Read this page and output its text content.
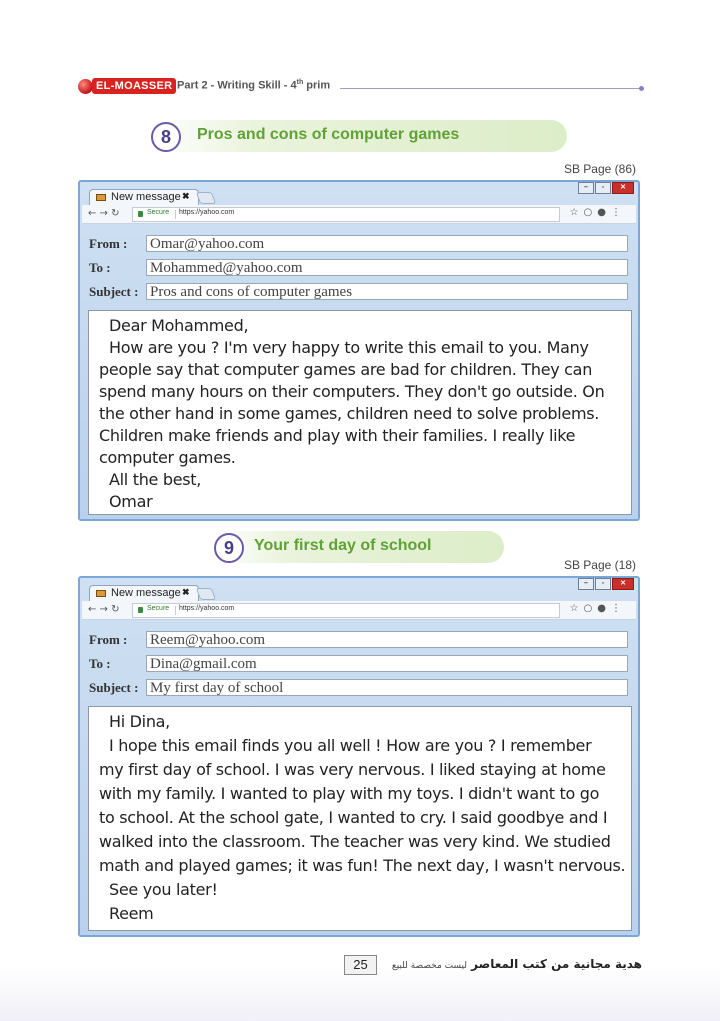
EL-MOASSER Part 2 - Writing Skill - 4th prim
8	Pros and cons of computer games
SB Page (86)
–	▫	✕
New message ✖
← → ↻	Secure https://yahoo.com	☆○●⋮
From : Omar@yahoo.com
To :	Mohammed@yahoo.com
Subject : Pros and cons of computer games

Dear Mohammed,

How are you ? I'm very happy to write this email to you. Many

people say that computer games are bad for children. They can

spend many hours on their computers. They don't go outside. On

the other hand in some games, children need to solve problems.

Children make friends and play with their families. I really like

computer games.

All the best,

Omar

9	Your first day of school
SB Page (18)
–	▫	✕
New message ✖
← → ↻	Secure https://yahoo.com	☆○●⋮
From : Reem@yahoo.com
To :	Dina@gmail.com
Subject : My first day of school

Hi Dina,

I hope this email finds you all well ! How are you ? I remember

my first day of school. I was very nervous. I liked staying at home

with my family. I wanted to play with my toys. I didn't want to go

to school. At the school gate, I wanted to cry. I said goodbye and I

walked into the classroom. The teacher was very kind. We studied

math and played games; it was fun! The next day, I wasn't nervous.

See you later!

Reem

25	هدية مجانية من كتب المعاصر ليست مخصصة للبيع
